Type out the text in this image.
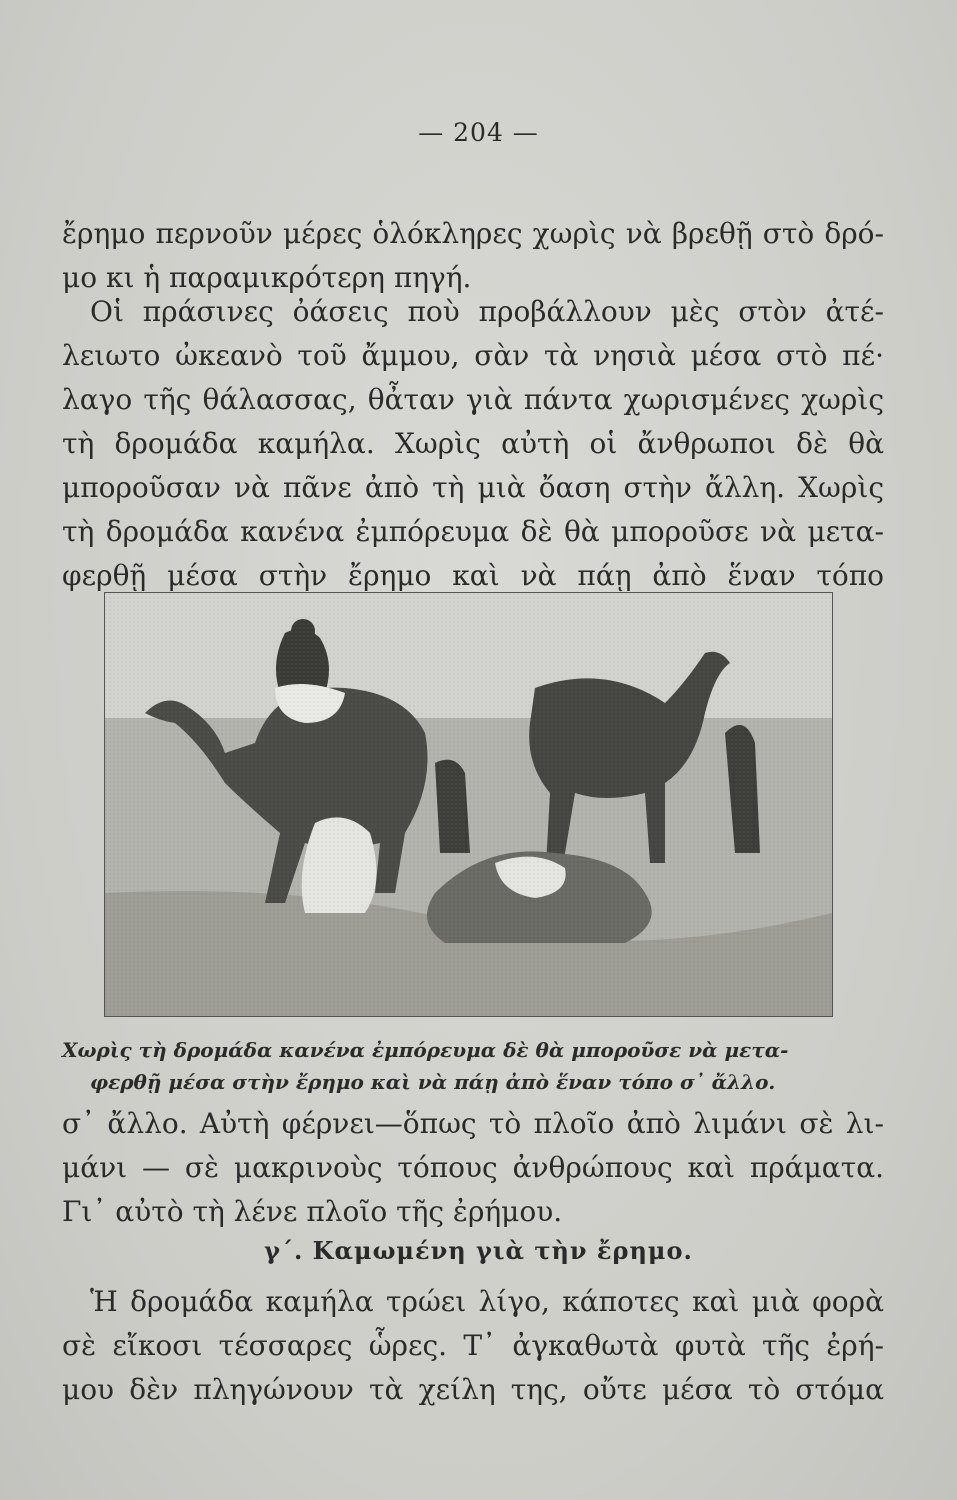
— 204 —
ἔρημο περνοῦν μέρες ὁλόκληρες χωρὶς νὰ βρεθῇ στὸ δρό-
μο κι ἡ παραμικρότερη πηγή.
Οἱ πράσινες ὀάσεις ποὺ προβάλλουν μὲς στὸν ἀτέ-
λειωτο ὠκεανὸ τοῦ ἄμμου, σὰν τὰ νησιὰ μέσα στὸ πέ·
λαγο τῆς θάλασσας, θἆταν γιὰ πάντα χωρισμένες χωρὶς
τὴ δρομάδα καμήλα. Χωρὶς αὐτὴ οἱ ἄνθρωποι δὲ θὰ
μποροῦσαν νὰ πᾶνε ἀπὸ τὴ μιὰ ὄαση στὴν ἄλλη. Χωρὶς
τὴ δρομάδα κανένα ἐμπόρευμα δὲ θὰ μποροῦσε νὰ μετα-
φερθῇ μέσα στὴν ἔρημο καὶ νὰ πάῃ ἀπὸ ἕναν τόπο
Χωρὶς τὴ δρομάδα κανένα ἐμπόρευμα δὲ θὰ μποροῦσε νὰ μετα-
φερθῇ μέσα στὴν ἔρημο καὶ νὰ πάῃ ἀπὸ ἕναν τόπο σ᾽ ἄλλο.
σ᾽ ἄλλο. Αὐτὴ φέρνει—ὅπως τὸ πλοῖο ἀπὸ λιμάνι σὲ λι-
μάνι — σὲ μακρινοὺς τόπους ἀνθρώπους καὶ πράματα.
Γι᾽ αὐτὸ τὴ λένε πλοῖο τῆς ἐρήμου.
γ΄. Καμωμένη γιὰ τὴν ἔρημο.
Ἡ δρομάδα καμήλα τρώει λίγο, κάποτες καὶ μιὰ φορὰ
σὲ εἴκοσι τέσσαρες ὧρες. Τ᾽ ἀγκαθωτὰ φυτὰ τῆς ἐρή-
μου δὲν πληγώνουν τὰ χείλη της, οὔτε μέσα τὸ στόμα
